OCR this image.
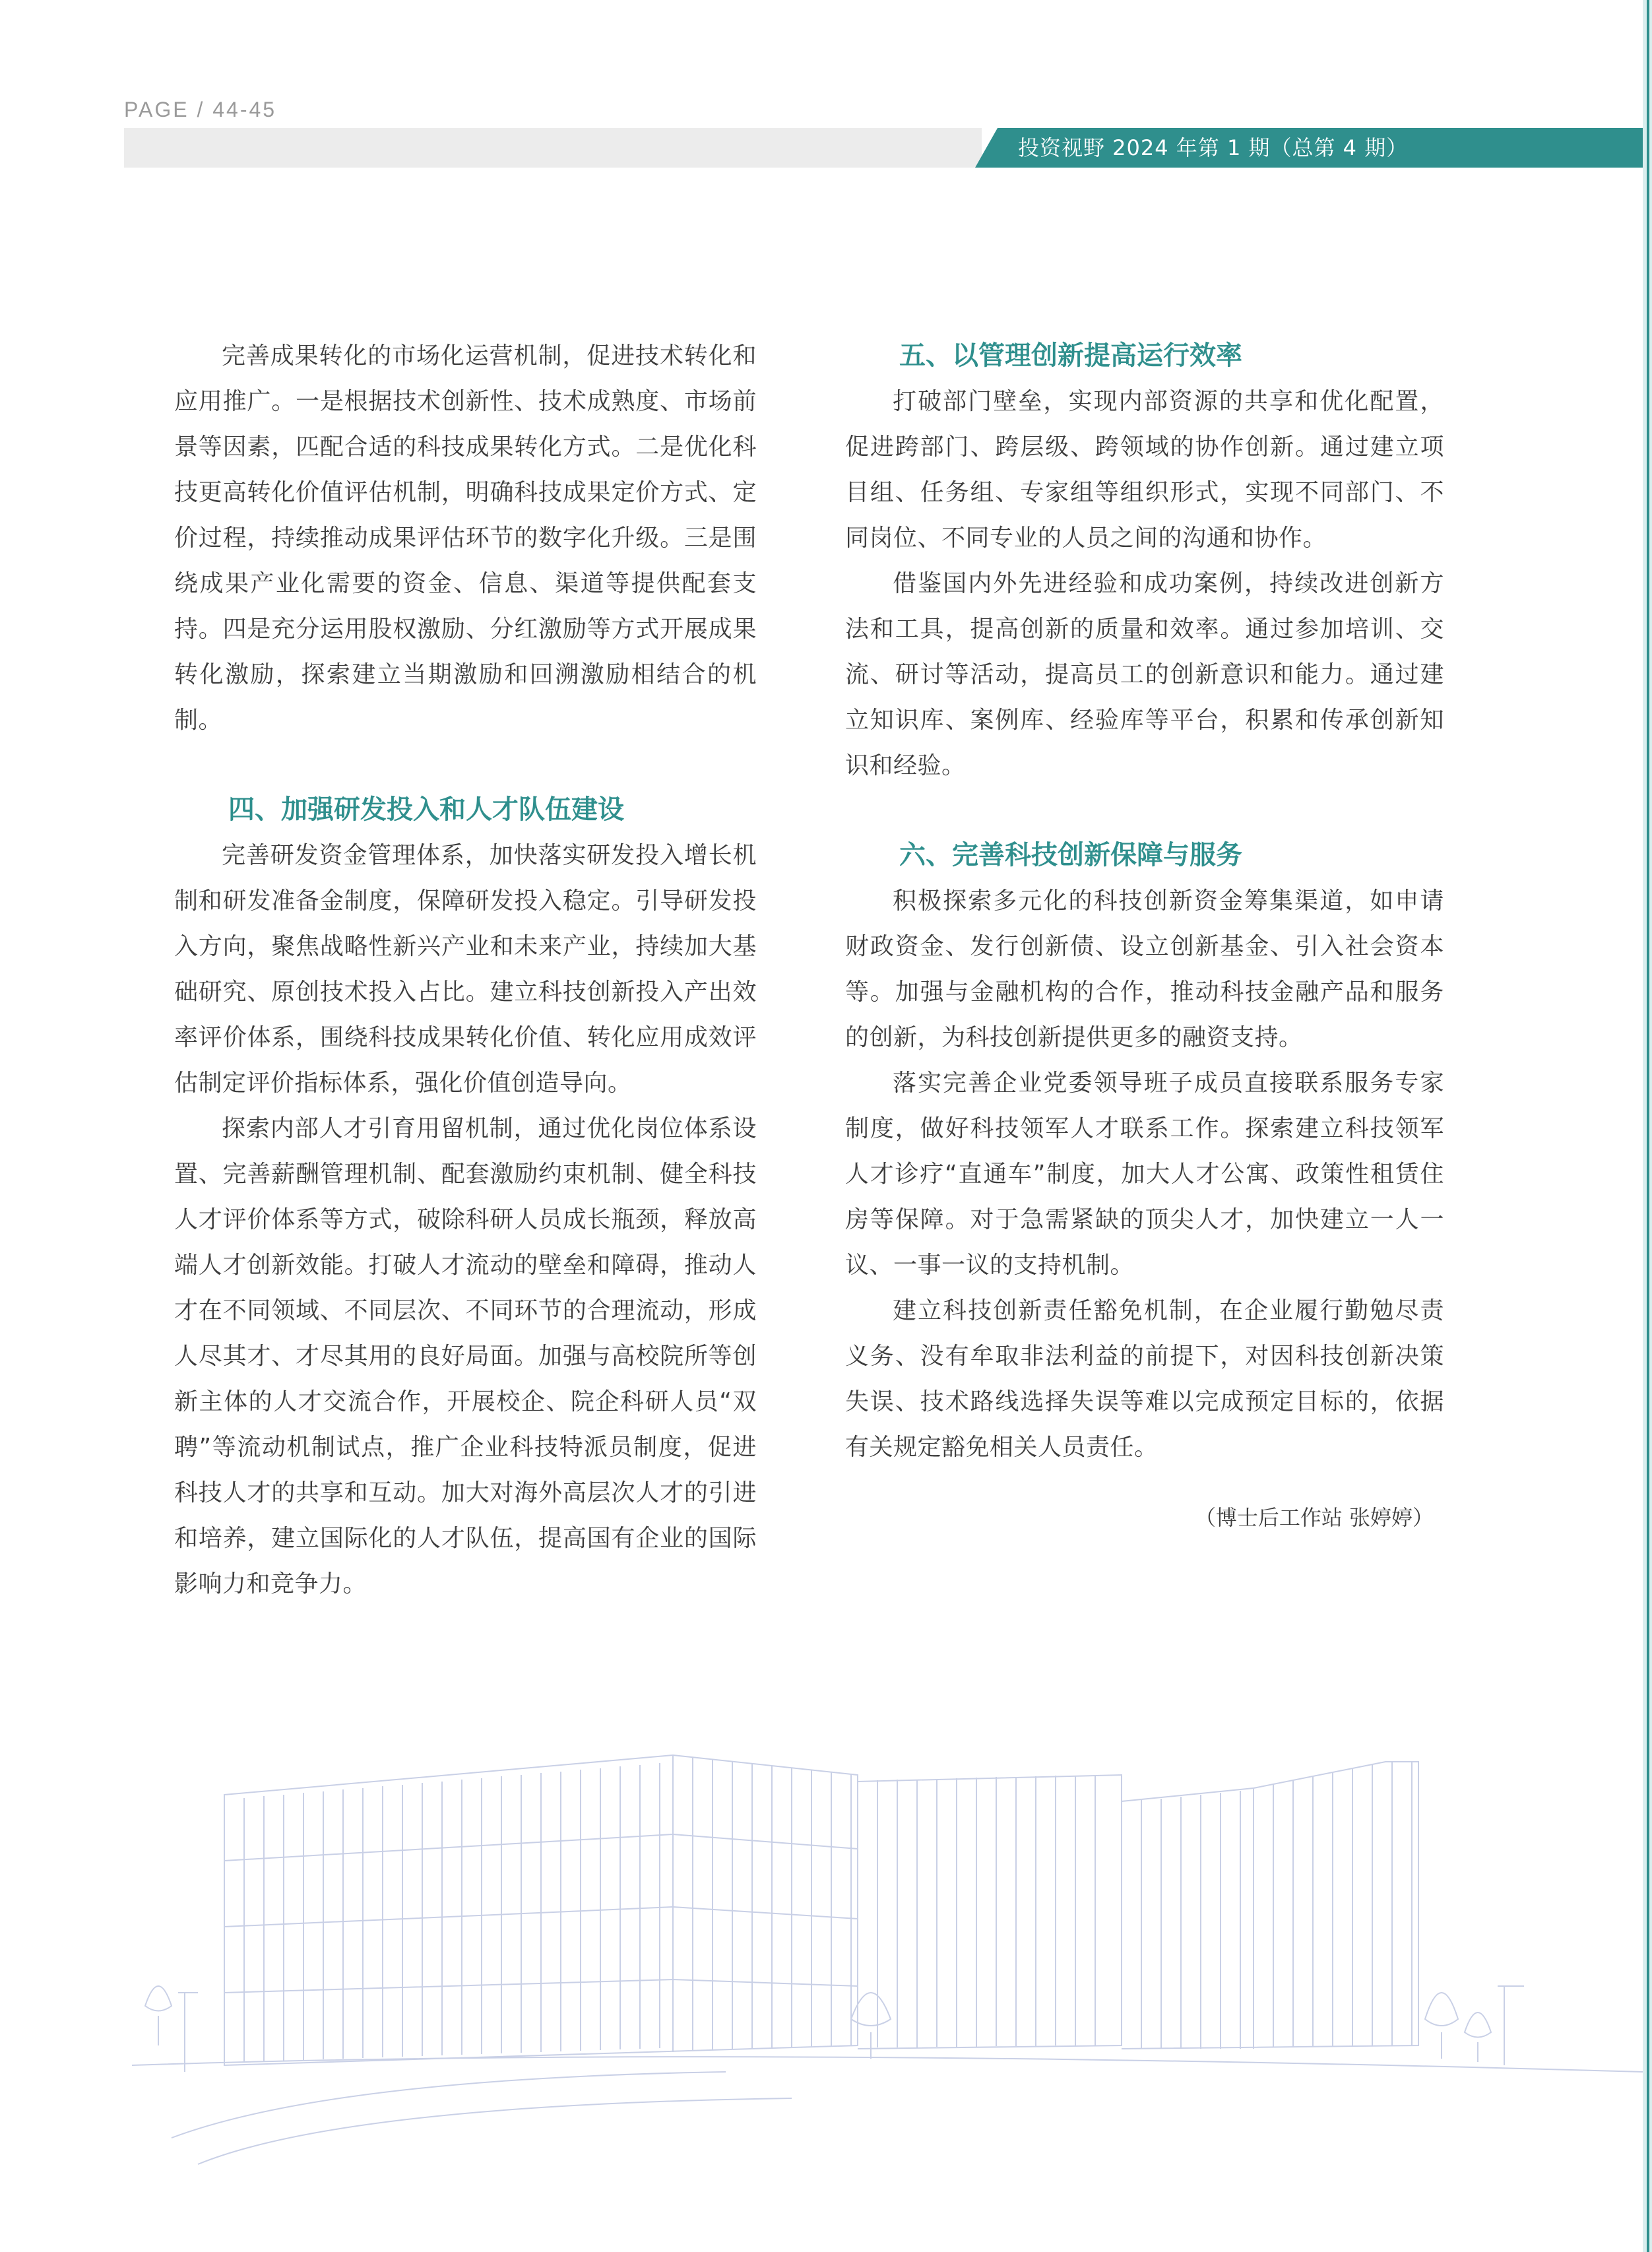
PAGE / 44-45
投资视野 2024 年第 1 期（总第 4 期）

完善成果转化的市场化运营机制，促进技术转化和应用推广。一是根据技术创新性、技术成熟度、市场前景等因素，匹配合适的科技成果转化方式。二是优化科技更高转化价值评估机制，明确科技成果定价方式、定价过程，持续推动成果评估环节的数字化升级。三是围绕成果产业化需要的资金、信息、渠道等提供配套支持。四是充分运用股权激励、分红激励等方式开展成果转化激励，探索建立当期激励和回溯激励相结合的机制。

四、加强研发投入和人才队伍建设

完善研发资金管理体系，加快落实研发投入增长机制和研发准备金制度，保障研发投入稳定。引导研发投入方向，聚焦战略性新兴产业和未来产业，持续加大基础研究、原创技术投入占比。建立科技创新投入产出效率评价体系，围绕科技成果转化价值、转化应用成效评估制定评价指标体系，强化价值创造导向。

探索内部人才引育用留机制，通过优化岗位体系设置、完善薪酬管理机制、配套激励约束机制、健全科技人才评价体系等方式，破除科研人员成长瓶颈，释放高端人才创新效能。打破人才流动的壁垒和障碍，推动人才在不同领域、不同层次、不同环节的合理流动，形成人尽其才、才尽其用的良好局面。加强与高校院所等创新主体的人才交流合作，开展校企、院企科研人员“双聘”等流动机制试点，推广企业科技特派员制度，促进科技人才的共享和互动。加大对海外高层次人才的引进和培养，建立国际化的人才队伍，提高国有企业的国际影响力和竞争力。

五、以管理创新提高运行效率

打破部门壁垒，实现内部资源的共享和优化配置，促进跨部门、跨层级、跨领域的协作创新。通过建立项目组、任务组、专家组等组织形式，实现不同部门、不同岗位、不同专业的人员之间的沟通和协作。

借鉴国内外先进经验和成功案例，持续改进创新方法和工具，提高创新的质量和效率。通过参加培训、交流、研讨等活动，提高员工的创新意识和能力。通过建立知识库、案例库、经验库等平台，积累和传承创新知识和经验。

六、完善科技创新保障与服务

积极探索多元化的科技创新资金筹集渠道，如申请财政资金、发行创新债、设立创新基金、引入社会资本等。加强与金融机构的合作，推动科技金融产品和服务的创新，为科技创新提供更多的融资支持。

落实完善企业党委领导班子成员直接联系服务专家制度，做好科技领军人才联系工作。探索建立科技领军人才诊疗“直通车”制度，加大人才公寓、政策性租赁住房等保障。对于急需紧缺的顶尖人才，加快建立一人一议、一事一议的支持机制。

建立科技创新责任豁免机制，在企业履行勤勉尽责义务、没有牟取非法利益的前提下，对因科技创新决策失误、技术路线选择失误等难以完成预定目标的，依据有关规定豁免相关人员责任。

（博士后工作站 张婷婷）
